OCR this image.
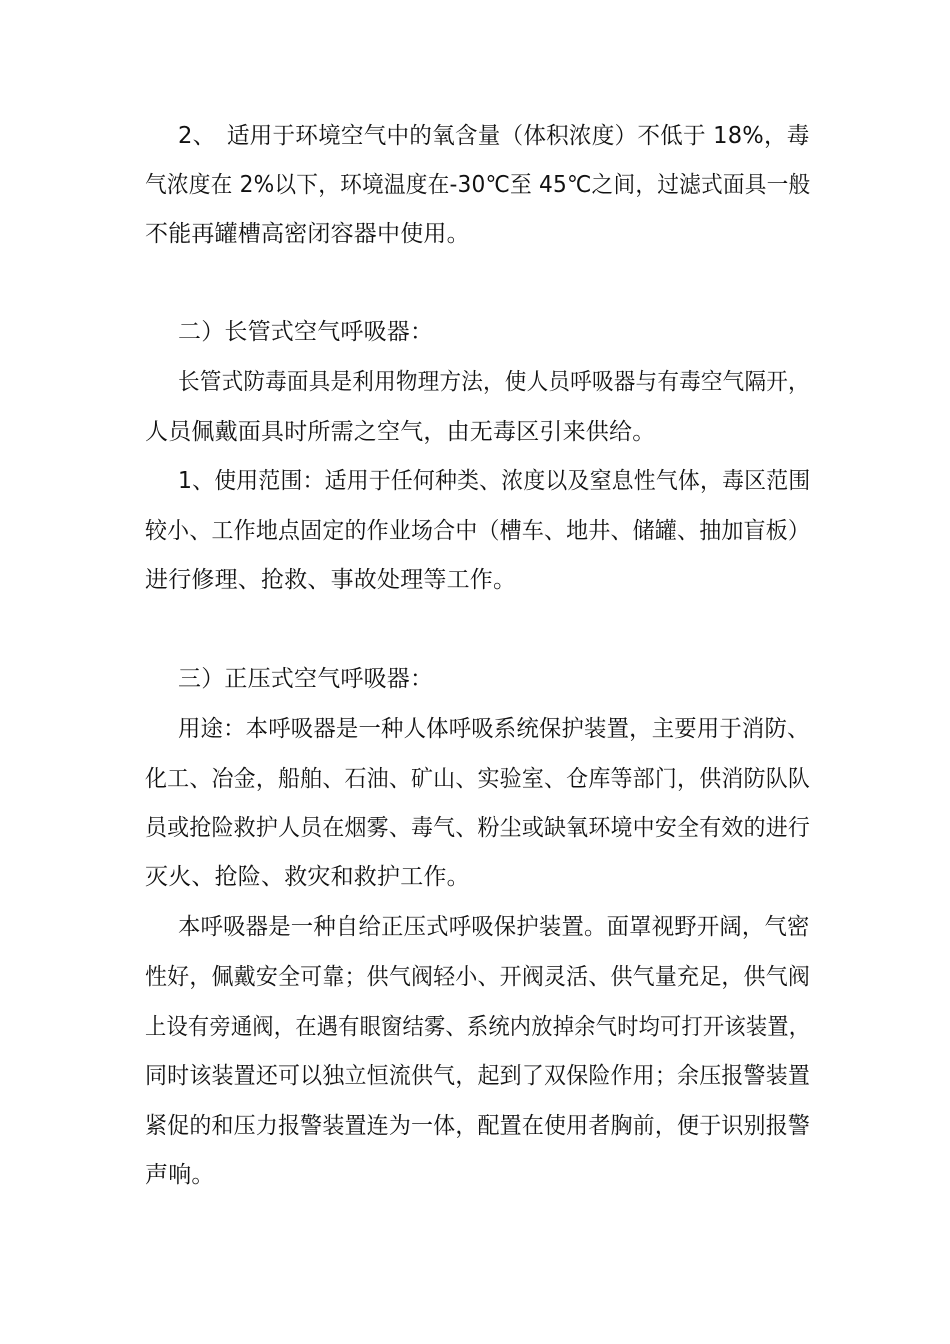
2、　适用于环境空气中的氧含量（体积浓度）不低于 18%，毒
气浓度在 2%以下，环境温度在-30℃至 45℃之间，过滤式面具一般
不能再罐槽高密闭容器中使用。
二）长管式空气呼吸器：
长管式防毒面具是利用物理方法，使人员呼吸器与有毒空气隔开，
人员佩戴面具时所需之空气，由无毒区引来供给。
1、使用范围：适用于任何种类、浓度以及窒息性气体，毒区范围
较小、工作地点固定的作业场合中（槽车、地井、储罐、抽加盲板）
进行修理、抢救、事故处理等工作。
三）正压式空气呼吸器：
用途：本呼吸器是一种人体呼吸系统保护装置，主要用于消防、
化工、冶金，船舶、石油、矿山、实验室、仓库等部门，供消防队队
员或抢险救护人员在烟雾、毒气、粉尘或缺氧环境中安全有效的进行
灭火、抢险、救灾和救护工作。
本呼吸器是一种自给正压式呼吸保护装置。面罩视野开阔，气密
性好，佩戴安全可靠；供气阀轻小、开阀灵活、供气量充足，供气阀
上设有旁通阀，在遇有眼窗结雾、系统内放掉余气时均可打开该装置，
同时该装置还可以独立恒流供气，起到了双保险作用；余压报警装置
紧促的和压力报警装置连为一体，配置在使用者胸前，便于识别报警
声响。
